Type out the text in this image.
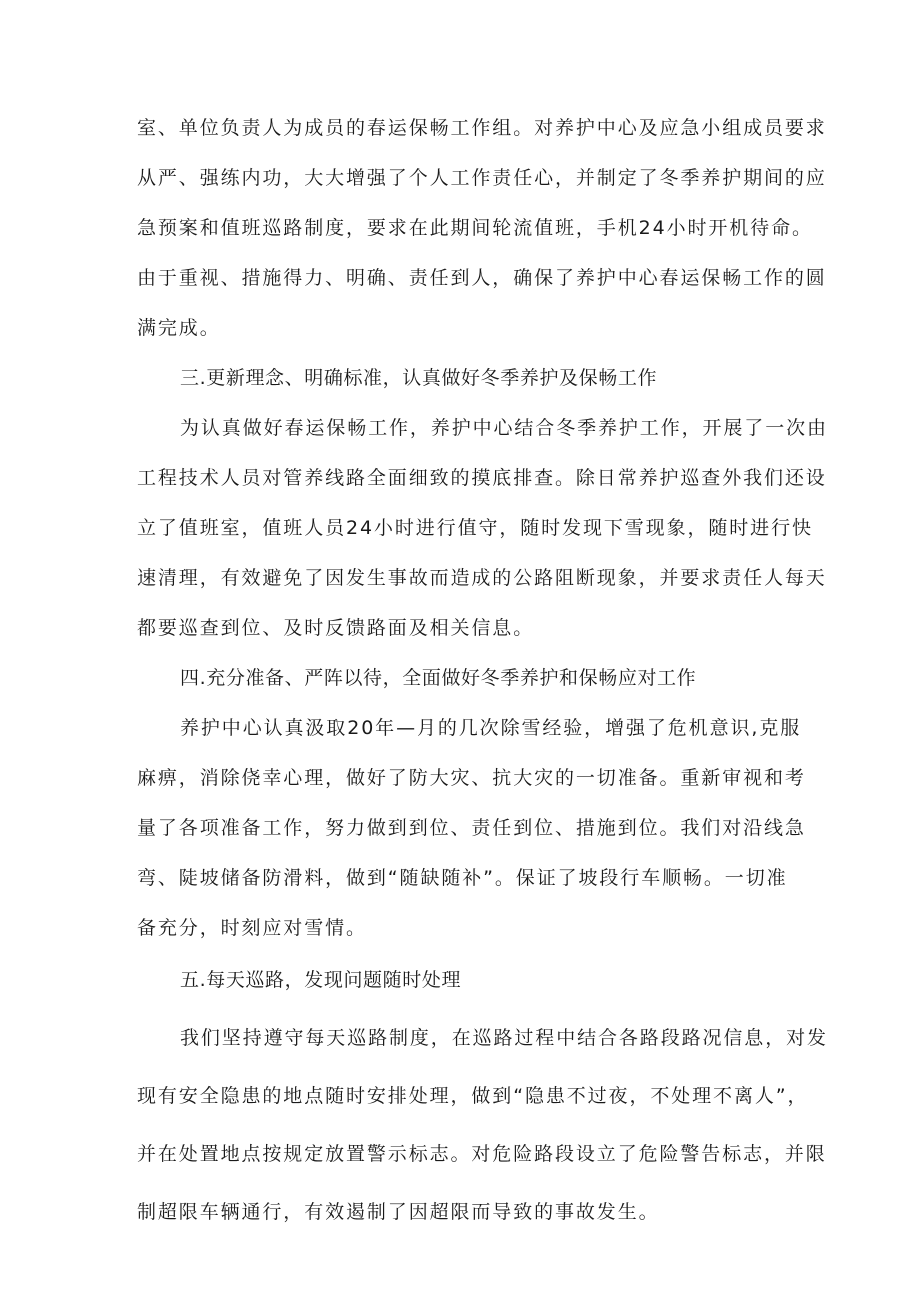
室、单位负责人为成员的春运保畅工作组。对养护中心及应急小组成员要求
从严、强练内功，大大增强了个人工作责任心，并制定了冬季养护期间的应
急预案和值班巡路制度，要求在此期间轮流值班，手机24小时开机待命。
由于重视、措施得力、明确、责任到人，确保了养护中心春运保畅工作的圆
满完成。
三.更新理念、明确标准，认真做好冬季养护及保畅工作
为认真做好春运保畅工作，养护中心结合冬季养护工作，开展了一次由
工程技术人员对管养线路全面细致的摸底排查。除日常养护巡查外我们还设
立了值班室，值班人员24小时进行值守，随时发现下雪现象，随时进行快
速清理，有效避免了因发生事故而造成的公路阻断现象，并要求责任人每天
都要巡查到位、及时反馈路面及相关信息。
四.充分准备、严阵以待，全面做好冬季养护和保畅应对工作
养护中心认真汲取20年—月的几次除雪经验，增强了危机意识,克服
麻痹，消除侥幸心理，做好了防大灾、抗大灾的一切准备。重新审视和考
量了各项准备工作，努力做到到位、责任到位、措施到位。我们对沿线急
弯、陡坡储备防滑料，做到“随缺随补”。保证了坡段行车顺畅。一切准
备充分，时刻应对雪情。
五.每天巡路，发现问题随时处理
我们坚持遵守每天巡路制度，在巡路过程中结合各路段路况信息，对发
现有安全隐患的地点随时安排处理，做到“隐患不过夜，不处理不离人”，
并在处置地点按规定放置警示标志。对危险路段设立了危险警告标志，并限
制超限车辆通行，有效遏制了因超限而导致的事故发生。
